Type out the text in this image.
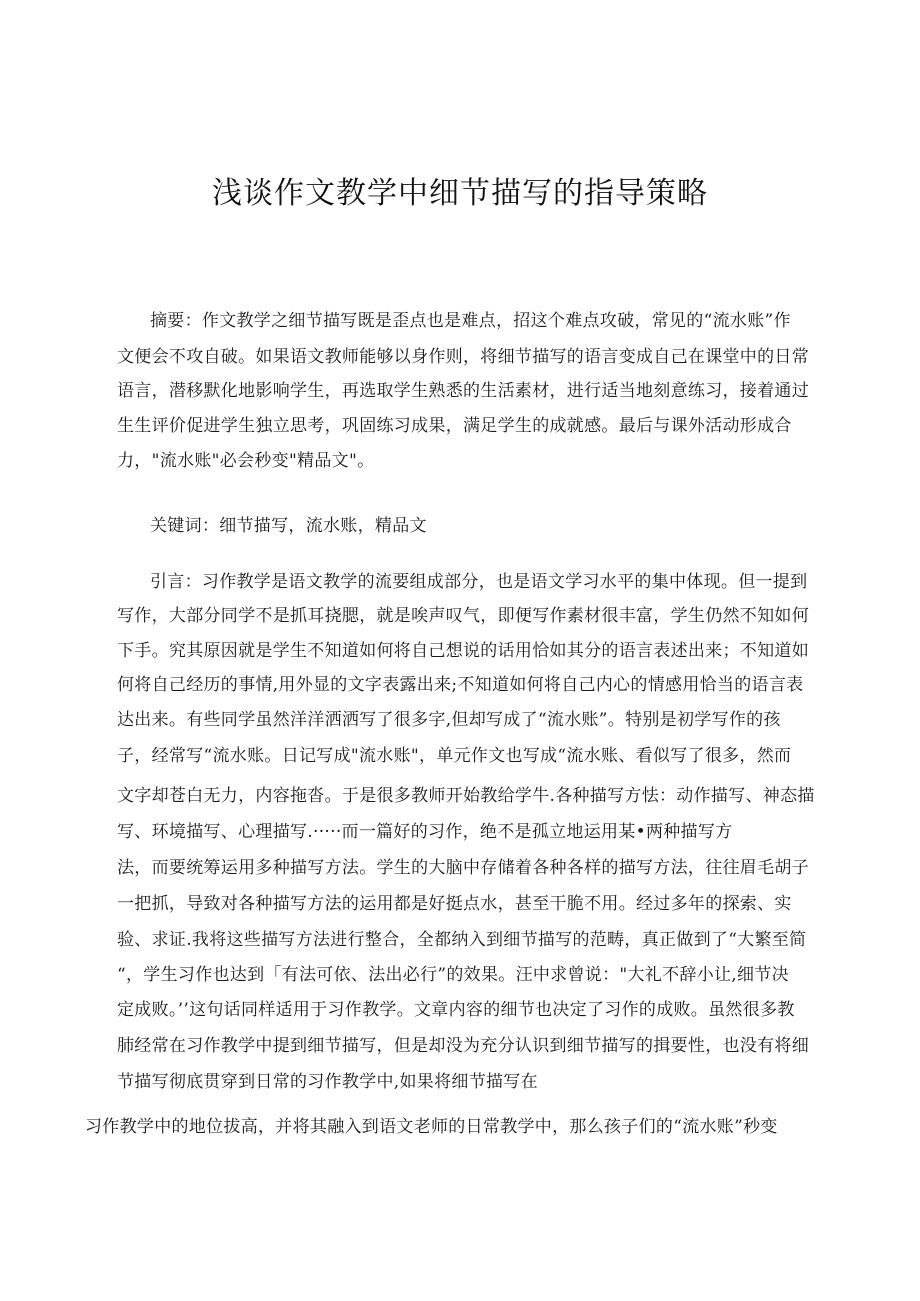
浅谈作文教学中细节描写的指导策略
摘要：作文教学之细节描写既是歪点也是难点，招这个难点攻破，常见的“流水账”作
文便会不攻自破。如果语文教师能够以身作则，将细节描写的语言变成自己在课堂中的日常
语言，潜移默化地影响学生，再选取学生熟悉的生活素材，进行适当地刻意练习，接着通过
生生评价促进学生独立思考，巩固练习成果，满足学生的成就感。最后与课外活动形成合
力，"流水账"必会秒变"精品文"。
关键词：细节描写，流水账，精品文
引言：习作教学是语文教学的流要组成部分，也是语文学习水平的集中体现。但一提到
写作，大部分同学不是抓耳挠腮，就是唉声叹气，即便写作素材很丰富，学生仍然不知如何
下手。究其原因就是学生不知道如何将自己想说的话用恰如其分的语言表述出来；不知道如
何将自己经历的事情,用外显的文字表露出来;不知道如何将自己内心的情感用恰当的语言表
达出来。有些同学虽然洋洋洒洒写了很多字,但却写成了“流水账”。特别是初学写作的孩
子，经常写“流水账。日记写成"流水账"，单元作文也写成“流水账、看似写了很多，然而
文字却苍白无力，内容拖沓。于是很多教师开始教给学牛.各种描写方怯：动作描写、神态描
写、环境描写、心理描写.·····而一篇好的习作，绝不是孤立地运用某•两种描写方
法，而要统筹运用多种描写方法。学生的大脑中存储着各种各样的描写方法，往往眉毛胡子
一把抓，导致对各种描写方法的运用都是好挺点水，甚至干脆不用。经过多年的探索、实
验、求证.我将这些描写方法进行整合，全都纳入到细节描写的范畴，真正做到了“大繁至简
“，学生习作也达到「有法可依、法出必行”的效果。汪中求曾说："大礼不辞小让,细节决
定成败。’’这句话同样适用于习作教学。文章内容的细节也决定了习作的成败。虽然很多教
肺经常在习作教学中提到细节描写，但是却没为充分认识到细节描写的揖要性，也没有将细
节描写彻底贯穿到日常的习作教学中,如果将细节描写在
习作教学中的地位拔高，并将其融入到语文老师的日常教学中，那么孩子们的“流水账”秒变
